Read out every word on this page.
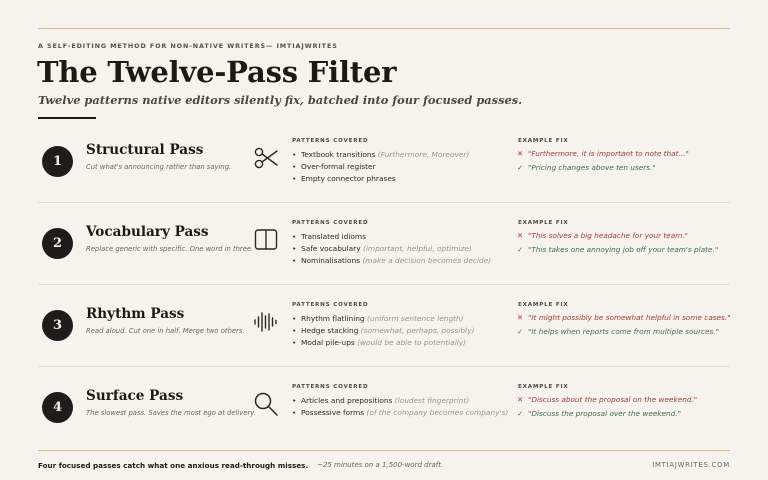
A SELF-EDITING METHOD FOR NON-NATIVE WRITERS— IMTIAJWRITES
The Twelve-Pass Filter
Twelve patterns native editors silently fix, batched into four focused passes.
1
Structural Pass
Cut what's announcing rather than saying.
PATTERNS COVERED
• Textbook transitions (Furthermore, Moreover)
• Over-formal register
• Empty connector phrases
EXAMPLE FIX
✕ "Furthermore, it is important to note that..."
✓ "Pricing changes above ten users."
2
Vocabulary Pass
Replace generic with specific. One word in three.
PATTERNS COVERED
• Translated idioms
• Safe vocabulary (important, helpful, optimize)
• Nominalisations (make a decision becomes decide)
EXAMPLE FIX
✕ "This solves a big headache for your team."
✓ "This takes one annoying job off your team's plate."
3
Rhythm Pass
Read aloud. Cut one in half. Merge two others.
PATTERNS COVERED
• Rhythm flatlining (uniform sentence length)
• Hedge stacking (somewhat, perhaps, possibly)
• Modal pile-ups (would be able to potentially)
EXAMPLE FIX
✕ "It might possibly be somewhat helpful in some cases."
✓ "It helps when reports come from multiple sources."
4
Surface Pass
The slowest pass. Saves the most ego at delivery.
PATTERNS COVERED
• Articles and prepositions (loudest fingerprint)
• Possessive forms (of the company becomes company's)
EXAMPLE FIX
✕ "Discuss about the proposal on the weekend."
✓ "Discuss the proposal over the weekend."
Four focused passes catch what one anxious read-through misses. ~25 minutes on a 1,500-word draft.	IMTIAJWRITES.COM
